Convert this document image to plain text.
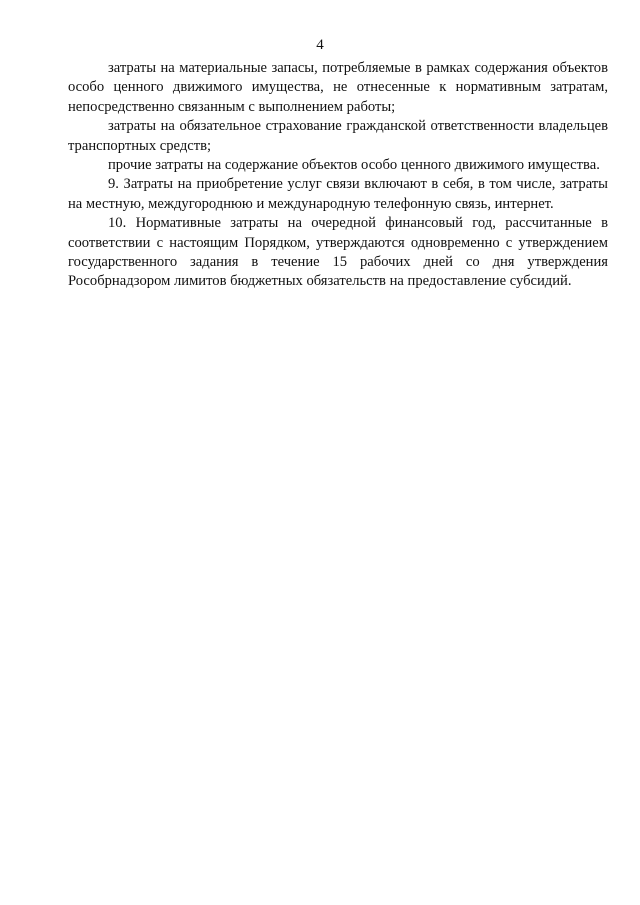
4

затраты на материальные запасы, потребляемые в рамках содержания объектов особо ценного движимого имущества, не отнесенные к нормативным затратам, непосредственно связанным с выполнением работы;

затраты на обязательное страхование гражданской ответственности владельцев транспортных средств;

прочие затраты на содержание объектов особо ценного движимого имущества.

9. Затраты на приобретение услуг связи включают в себя, в том числе, затраты на местную, междугороднюю и международную телефонную связь, интернет.

10. Нормативные затраты на очередной финансовый год, рассчитанные в соответствии с настоящим Порядком, утверждаются одновременно с утверждением государственного задания в течение 15 рабочих дней со дня утверждения Рособрнадзором лимитов бюджетных обязательств на предоставление субсидий.
